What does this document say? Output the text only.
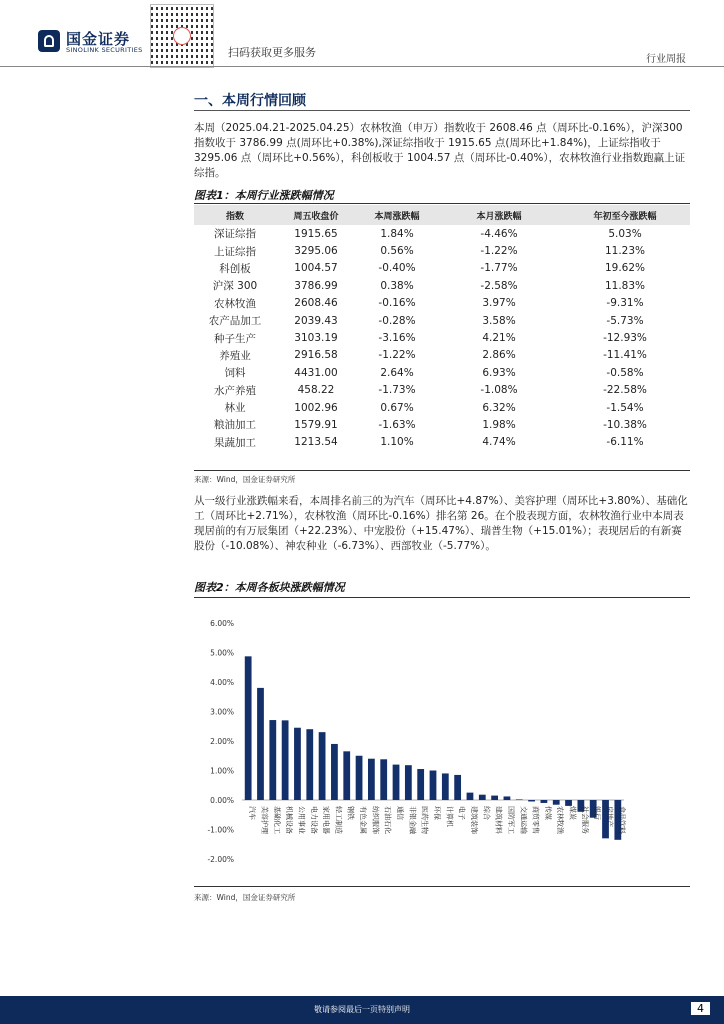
国金证券
SINOLINK SECURITIES	扫码获取更多服务
行业周报
一、本周行情回顾
本周（2025.04.21-2025.04.25）农林牧渔（申万）指数收于 2608.46 点（周环比-0.16%），沪深300 指数收于 3786.99 点(周环比+0.38%),深证综指收于 1915.65 点(周环比+1.84%)，上证综指收于 3295.06 点（周环比+0.56%），科创板收于 1004.57 点（周环比-0.40%），农林牧渔行业指数跑赢上证综指。
图表1：本周行业涨跌幅情况
指数	周五收盘价	本周涨跌幅	本月涨跌幅	年初至今涨跌幅
深证综指	1915.65	1.84%	-4.46%	5.03%
上证综指	3295.06	0.56%	-1.22%	11.23%
科创板	1004.57	-0.40%	-1.77%	19.62%
沪深 300	3786.99	0.38%	-2.58%	11.83%
农林牧渔	2608.46	-0.16%	3.97%	-9.31%
农产品加工	2039.43	-0.28%	3.58%	-5.73%
种子生产	3103.19	-3.16%	4.21%	-12.93%
养殖业	2916.58	-1.22%	2.86%	-11.41%
饲料	4431.00	2.64%	6.93%	-0.58%
水产养殖	458.22	-1.73%	-1.08%	-22.58%
林业	1002.96	0.67%	6.32%	-1.54%
粮油加工	1579.91	-1.63%	1.98%	-10.38%
果蔬加工	1213.54	1.10%	4.74%	-6.11%
来源：Wind，国金证券研究所
从一级行业涨跌幅来看，本周排名前三的为汽车（周环比+4.87%）、美容护理（周环比+3.80%）、基础化工（周环比+2.71%），农林牧渔（周环比-0.16%）排名第 26。在个股表现方面，农林牧渔行业中本周表现居前的有万辰集团（+22.23%）、中宠股份（+15.47%）、瑞普生物（+15.01%）；表现居后的有新赛股份（-10.08%）、神农种业（-6.73%）、西部牧业（-5.77%）。
图表2：本周各板块涨跌幅情况
6.00%
5.00%
4.00%
3.00%
2.00%
1.00%
0.00%
-1.00%
-2.00%
汽车 美容护理 基础化工 机械设备 公用事业 电力设备 家用电器 轻工制造 钢铁 有色金属 纺织服饰 石油石化 通信 非银金融 医药生物 环保 计算机 电子 建筑装饰 综合 建筑材料 国防军工 交通运输 商贸零售 传媒 农林牧渔 煤炭 社会服务 银行 房地产 食品饮料
来源：Wind，国金证券研究所
敬请参阅最后一页特别声明	4
